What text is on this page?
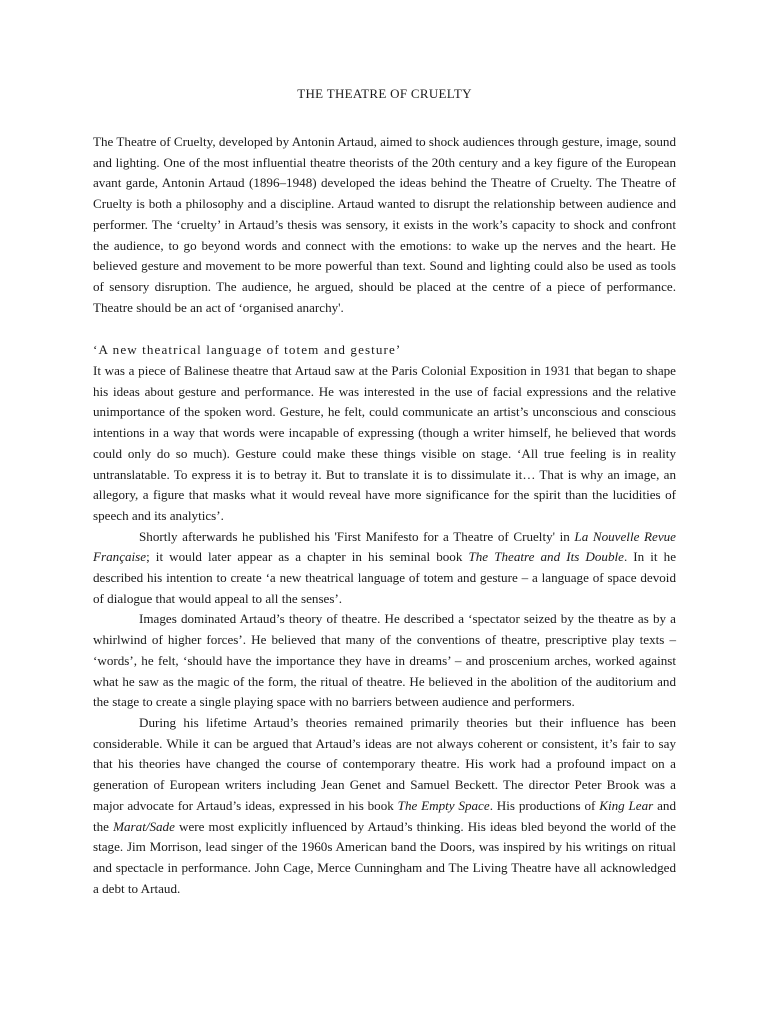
THE THEATRE OF CRUELTY

The Theatre of Cruelty, developed by Antonin Artaud, aimed to shock audiences through gesture, image, sound and lighting. One of the most influential theatre theorists of the 20th century and a key figure of the European avant garde, Antonin Artaud (1896–1948) developed the ideas behind the Theatre of Cruelty. The Theatre of Cruelty is both a philosophy and a discipline. Artaud wanted to disrupt the relationship between audience and performer. The ‘cruelty’ in Artaud’s thesis was sensory, it exists in the work’s capacity to shock and confront the audience, to go beyond words and connect with the emotions: to wake up the nerves and the heart. He believed gesture and movement to be more powerful than text. Sound and lighting could also be used as tools of sensory disruption. The audience, he argued, should be placed at the centre of a piece of performance. Theatre should be an act of ‘organised anarchy'.

‘A new theatrical language of totem and gesture’

It was a piece of Balinese theatre that Artaud saw at the Paris Colonial Exposition in 1931 that began to shape his ideas about gesture and performance. He was interested in the use of facial expressions and the relative unimportance of the spoken word. Gesture, he felt, could communicate an artist’s unconscious and conscious intentions in a way that words were incapable of expressing (though a writer himself, he believed that words could only do so much). Gesture could make these things visible on stage. ‘All true feeling is in reality untranslatable. To express it is to betray it. But to translate it is to dissimulate it… That is why an image, an allegory, a figure that masks what it would reveal have more significance for the spirit than the lucidities of speech and its analytics’.

Shortly afterwards he published his 'First Manifesto for a Theatre of Cruelty' in La Nouvelle Revue Française; it would later appear as a chapter in his seminal book The Theatre and Its Double. In it he described his intention to create ‘a new theatrical language of totem and gesture – a language of space devoid of dialogue that would appeal to all the senses’.

Images dominated Artaud’s theory of theatre. He described a ‘spectator seized by the theatre as by a whirlwind of higher forces’. He believed that many of the conventions of theatre, prescriptive play texts – ‘words’, he felt, ‘should have the importance they have in dreams’ – and proscenium arches, worked against what he saw as the magic of the form, the ritual of theatre. He believed in the abolition of the auditorium and the stage to create a single playing space with no barriers between audience and performers.

During his lifetime Artaud’s theories remained primarily theories but their influence has been considerable. While it can be argued that Artaud’s ideas are not always coherent or consistent, it’s fair to say that his theories have changed the course of contemporary theatre. His work had a profound impact on a generation of European writers including Jean Genet and Samuel Beckett. The director Peter Brook was a major advocate for Artaud’s ideas, expressed in his book The Empty Space. His productions of King Lear and the Marat/Sade were most explicitly influenced by Artaud’s thinking. His ideas bled beyond the world of the stage. Jim Morrison, lead singer of the 1960s American band the Doors, was inspired by his writings on ritual and spectacle in performance. John Cage, Merce Cunningham and The Living Theatre have all acknowledged a debt to Artaud.
